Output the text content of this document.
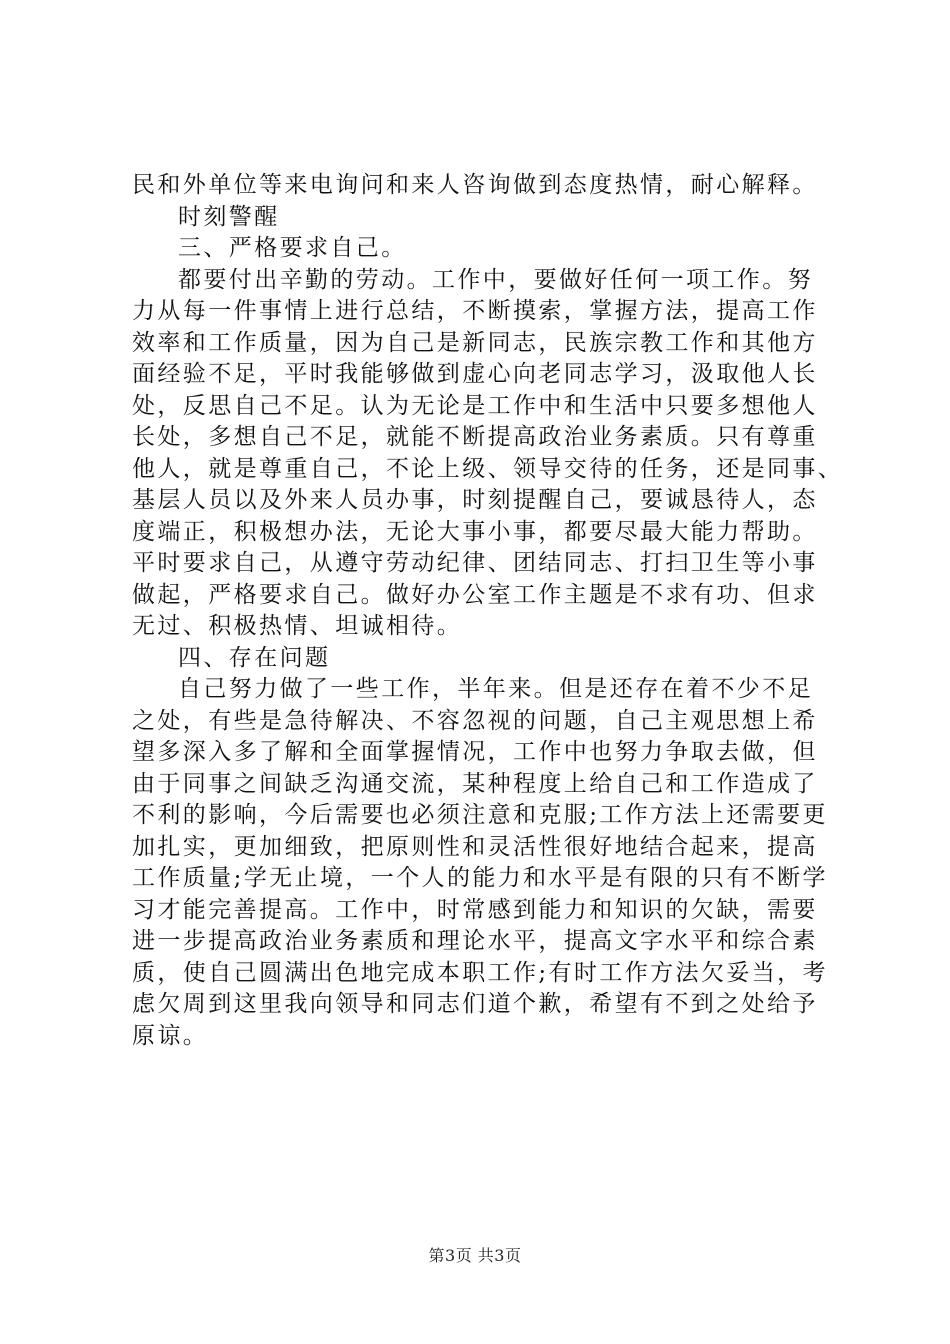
民和外单位等来电询问和来人咨询做到态度热情，耐心解释。
时刻警醒
三、严格要求自己。
都要付出辛勤的劳动。工作中，要做好任何一项工作。努
力从每一件事情上进行总结，不断摸索，掌握方法，提高工作
效率和工作质量，因为自己是新同志，民族宗教工作和其他方
面经验不足，平时我能够做到虚心向老同志学习，汲取他人长
处，反思自己不足。认为无论是工作中和生活中只要多想他人
长处，多想自己不足，就能不断提高政治业务素质。只有尊重
他人，就是尊重自己，不论上级、领导交待的任务，还是同事、
基层人员以及外来人员办事，时刻提醒自己，要诚恳待人，态
度端正，积极想办法，无论大事小事，都要尽最大能力帮助。
平时要求自己，从遵守劳动纪律、团结同志、打扫卫生等小事
做起，严格要求自己。做好办公室工作主题是不求有功、但求
无过、积极热情、坦诚相待。
四、存在问题
自己努力做了一些工作，半年来。但是还存在着不少不足
之处，有些是急待解决、不容忽视的问题，自己主观思想上希
望多深入多了解和全面掌握情况，工作中也努力争取去做，但
由于同事之间缺乏沟通交流，某种程度上给自己和工作造成了
不利的影响，今后需要也必须注意和克服;工作方法上还需要更
加扎实，更加细致，把原则性和灵活性很好地结合起来，提高
工作质量;学无止境，一个人的能力和水平是有限的只有不断学
习才能完善提高。工作中，时常感到能力和知识的欠缺，需要
进一步提高政治业务素质和理论水平，提高文字水平和综合素
质，使自己圆满出色地完成本职工作;有时工作方法欠妥当，考
虑欠周到这里我向领导和同志们道个歉，希望有不到之处给予
原谅。
第3页 共3页
